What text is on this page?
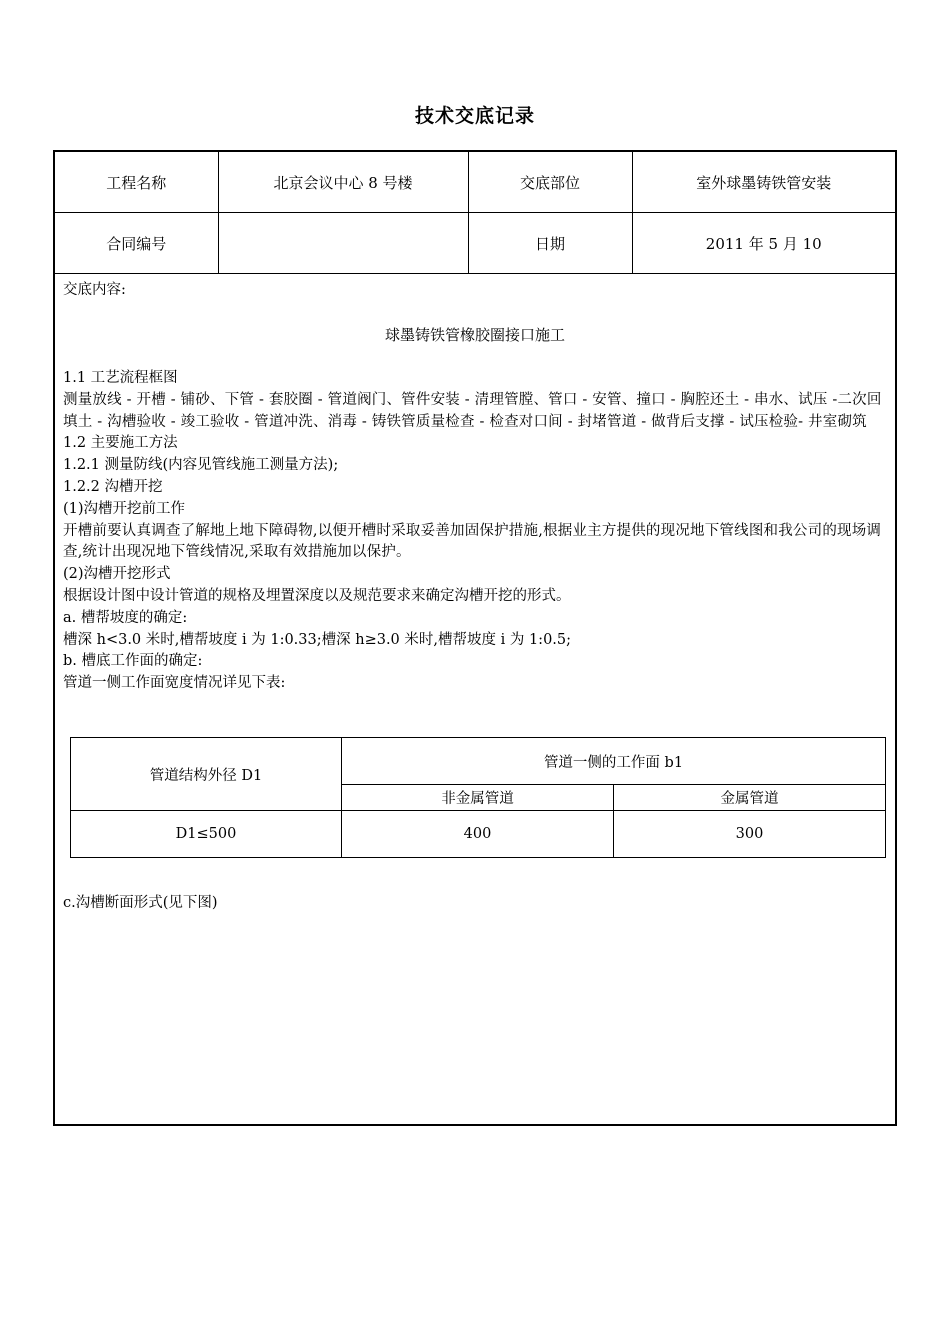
技术交底记录
工程名称	北京会议中心 8 号楼	交底部位	室外球墨铸铁管安装
合同编号		日期	2011 年 5 月 10

交底内容:

球墨铸铁管橡胶圈接口施工

1.1 工艺流程框图

测量放线 - 开槽 - 铺砂、下管 - 套胶圈 - 管道阀门、管件安装 - 清理管膛、管口 - 安管、撞口 - 胸腔还土 - 串水、试压 -二次回填土 - 沟槽验收 - 竣工验收 - 管道冲洗、消毒 - 铸铁管质量检查 - 检查对口间 - 封堵管道 - 做背后支撑 - 试压检验- 井室砌筑

1.2 主要施工方法

1.2.1 测量防线(内容见管线施工测量方法);

1.2.2 沟槽开挖

(1)沟槽开挖前工作

开槽前要认真调查了解地上地下障碍物,以便开槽时采取妥善加固保护措施,根据业主方提供的现况地下管线图和我公司的现场调查,统计出现况地下管线情况,采取有效措施加以保护。

(2)沟槽开挖形式

根据设计图中设计管道的规格及埋置深度以及规范要求来确定沟槽开挖的形式。

a. 槽帮坡度的确定:

槽深 h<3.0 米时,槽帮坡度 i 为 1:0.33;槽深 h≥3.0 米时,槽帮坡度 i 为 1:0.5;

b. 槽底工作面的确定:

管道一侧工作面宽度情况详见下表:

管道结构外径 D1	管道一侧的工作面 b1	
	非金属管道	金属管道
D1≤500	400	300
c.沟槽断面形式(见下图)
